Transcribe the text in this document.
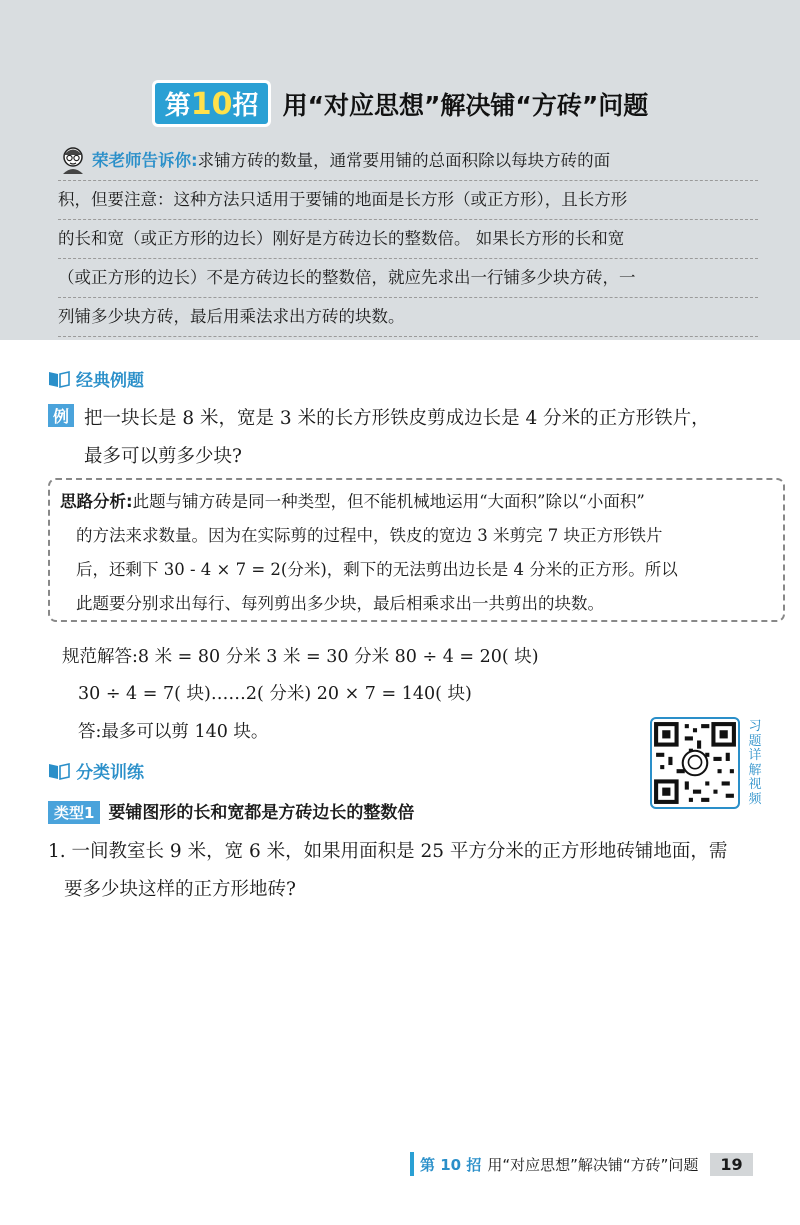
第10招 用“对应思想”解决铺“方砖”问题
荣老师告诉你:求铺方砖的数量，通常要用铺的总面积除以每块方砖的面
积，但要注意：这种方法只适用于要铺的地面是长方形（或正方形），且长方形
的长和宽（或正方形的边长）刚好是方砖边长的整数倍。 如果长方形的长和宽
（或正方形的边长）不是方砖边长的整数倍，就应先求出一行铺多少块方砖，一
列铺多少块方砖，最后用乘法求出方砖的块数。
经典例题
例 把一块长是 8 米，宽是 3 米的长方形铁皮剪成边长是 4 分米的正方形铁片，
最多可以剪多少块?
思路分析:此题与铺方砖是同一种类型，但不能机械地运用“大面积”除以“小面积”
的方法来求数量。因为在实际剪的过程中，铁皮的宽边 3 米剪完 7 块正方形铁片
后，还剩下 30 - 4 × 7 = 2(分米)，剩下的无法剪出边长是 4 分米的正方形。所以
此题要分别求出每行、每列剪出多少块，最后相乘求出一共剪出的块数。
规范解答:8 米 = 80 分米 3 米 = 30 分米 80 ÷ 4 = 20( 块)
30 ÷ 4 = 7( 块)……2( 分米) 20 × 7 = 140( 块)
答:最多可以剪 140 块。	习
题
详
解
视
频
分类训练
类型1 要铺图形的长和宽都是方砖边长的整数倍
1. 一间教室长 9 米，宽 6 米，如果用面积是 25 平方分米的正方形地砖铺地面，需
要多少块这样的正方形地砖?
第 10 招 用“对应思想”解决铺“方砖”问题	19
